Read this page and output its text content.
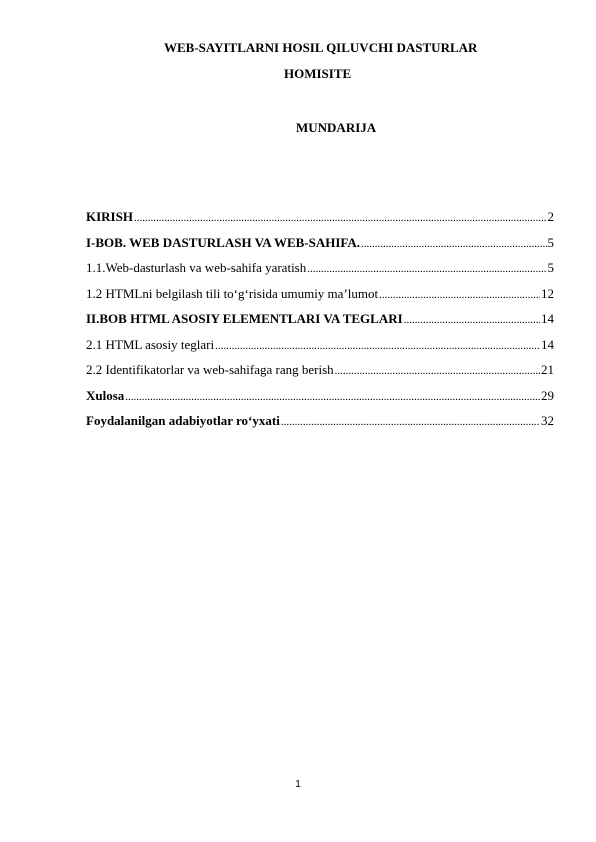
WEB-SAYITLARNI HOSIL QILUVCHI DASTURLAR
HOMISITE
MUNDARIJA
KIRISH .....	2
I-BOB. WEB DASTURLASH VA WEB-SAHIFA. .....	5
1.1.Web-dasturlash va web-sahifa yaratish .....	5
1.2 HTMLni belgilash tili to‘g‘risida umumiy ma’lumot .....	12
II.BOB HTML ASOSIY ELEMENTLARI VA TEGLARI .....	14
2.1 HTML asosiy teglari .....	14
2.2 Identifikatorlar va web-sahifaga rang berish .....	21
Xulosa .....	29
Foydalanilgan adabiyotlar ro‘yxati .....	32
1
